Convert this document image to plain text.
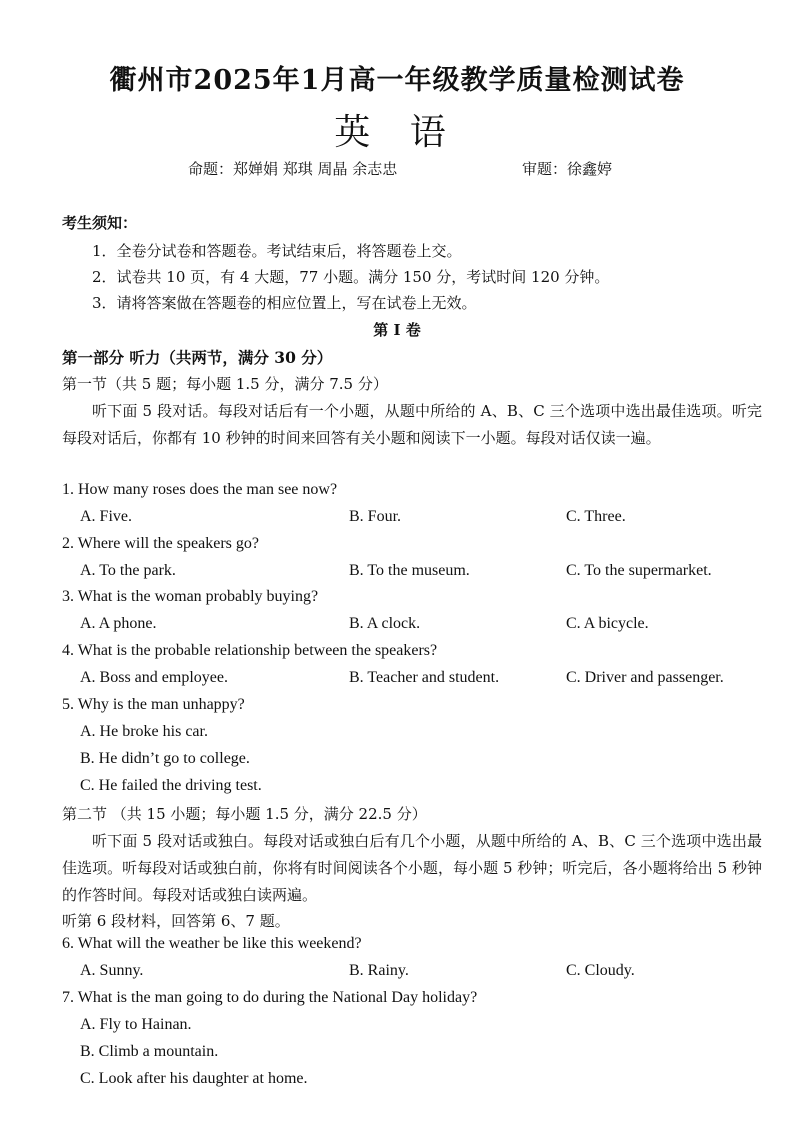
衢州市2025年1月高一年级教学质量检测试卷
英 语
命题：郑婵娟 郑琪 周晶 余志忠	审题：徐鑫婷
考生须知：
1．全卷分试卷和答题卷。考试结束后，将答题卷上交。
2．试卷共 10 页，有 4 大题，77 小题。满分 150 分，考试时间 120 分钟。
3．请将答案做在答题卷的相应位置上，写在试卷上无效。
第 I 卷
第一部分 听力（共两节，满分 30 分）
第一节（共 5 题；每小题 1.5 分，满分 7.5 分）
听下面 5 段对话。每段对话后有一个小题，从题中所给的 A、B、C 三个选项中选出最佳选项。听完每段对话后，你都有 10 秒钟的时间来回答有关小题和阅读下一小题。每段对话仅读一遍。
1. How many roses does the man see now?
A. Five.	B. Four.	C. Three.
2. Where will the speakers go?
A. To the park.	B. To the museum.	C. To the supermarket.
3. What is the woman probably buying?
A. A phone.	B. A clock.	C. A bicycle.
4. What is the probable relationship between the speakers?
A. Boss and employee.	B. Teacher and student.	C. Driver and passenger.
5. Why is the man unhappy?
A. He broke his car.
B. He didn’t go to college.
C. He failed the driving test.
第二节 （共 15 小题；每小题 1.5 分，满分 22.5 分）
听下面 5 段对话或独白。每段对话或独白后有几个小题，从题中所给的 A、B、C 三个选项中选出最佳选项。听每段对话或独白前，你将有时间阅读各个小题，每小题 5 秒钟；听完后，各小题将给出 5 秒钟的作答时间。每段对话或独白读两遍。
听第 6 段材料，回答第 6、7 题。
6. What will the weather be like this weekend?
A. Sunny.	B. Rainy.	C. Cloudy.
7. What is the man going to do during the National Day holiday?
A. Fly to Hainan.
B. Climb a mountain.
C. Look after his daughter at home.
